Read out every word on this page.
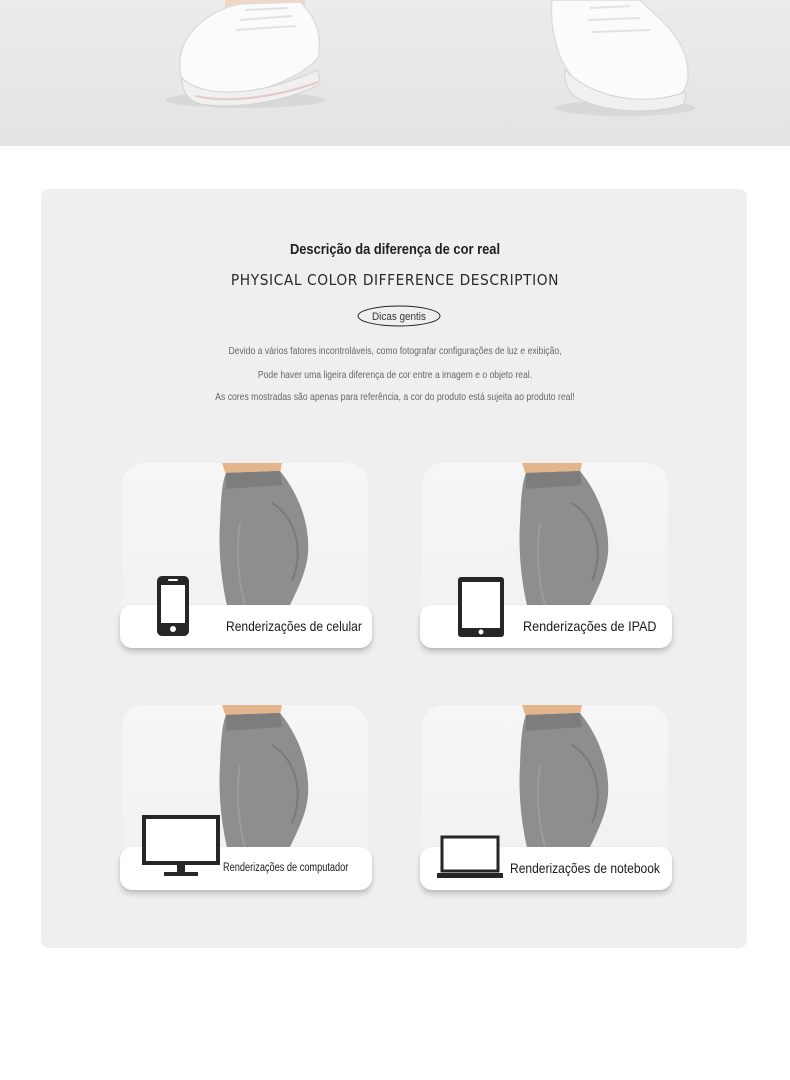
Descrição da diferença de cor real
PHYSICAL COLOR DIFFERENCE DESCRIPTION
Dicas gentis
Devido a vários fatores incontroláveis, como fotografar configurações de luz e exibição,
Pode haver uma ligeira diferença de cor entre a imagem e o objeto real.
As cores mostradas são apenas para referência, a cor do produto está sujeita ao produto real!
Renderizações de celular	Renderizações de IPAD
Renderizações de computador	Renderizações de notebook
